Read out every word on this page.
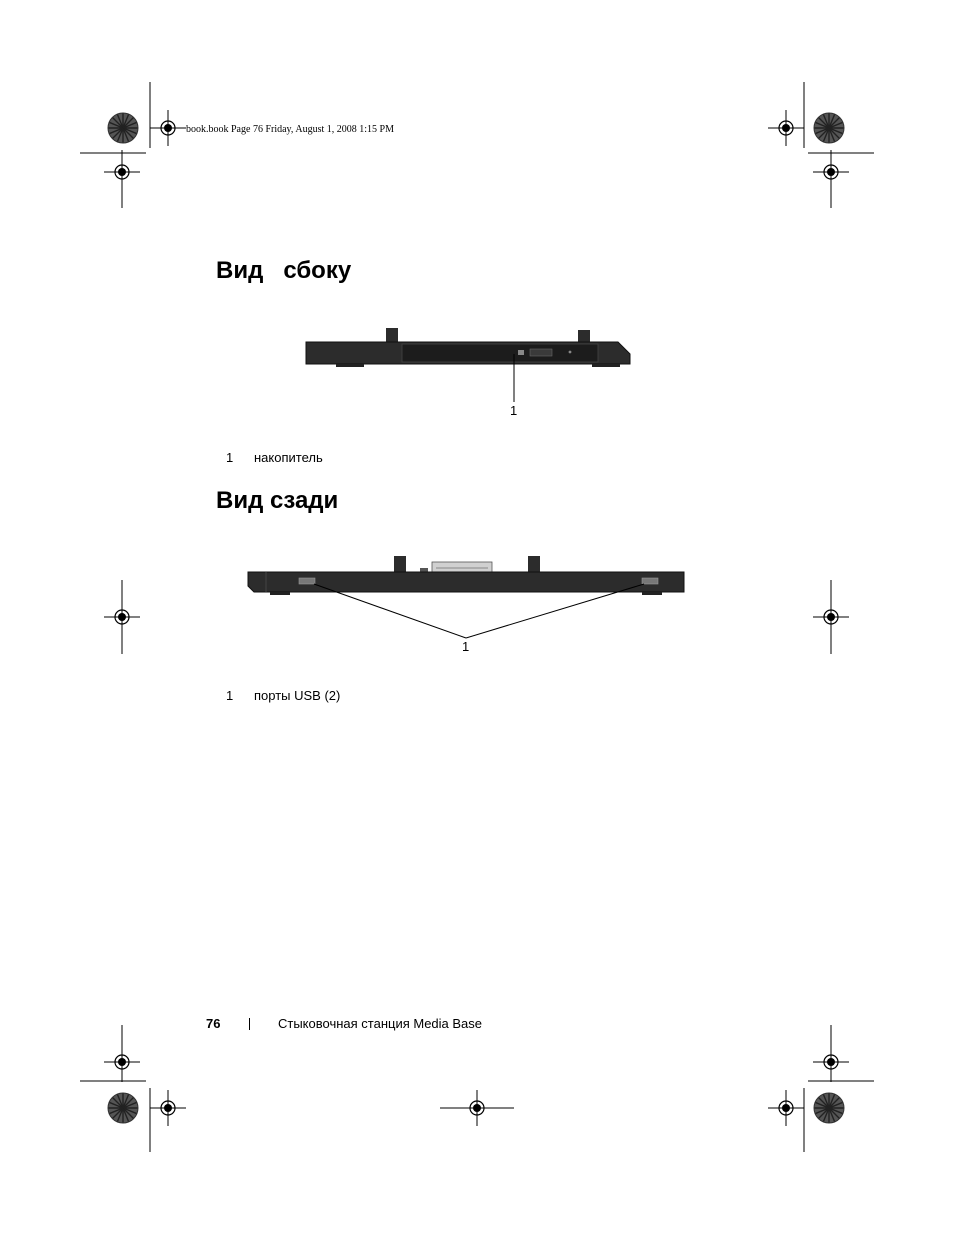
book.book Page 76 Friday, August 1, 2008 1:15 PM
Вид   сбоку
1
1 накопитель
Вид сзади
1
1 порты USB (2)
76	Стыковочная станция Media Base
